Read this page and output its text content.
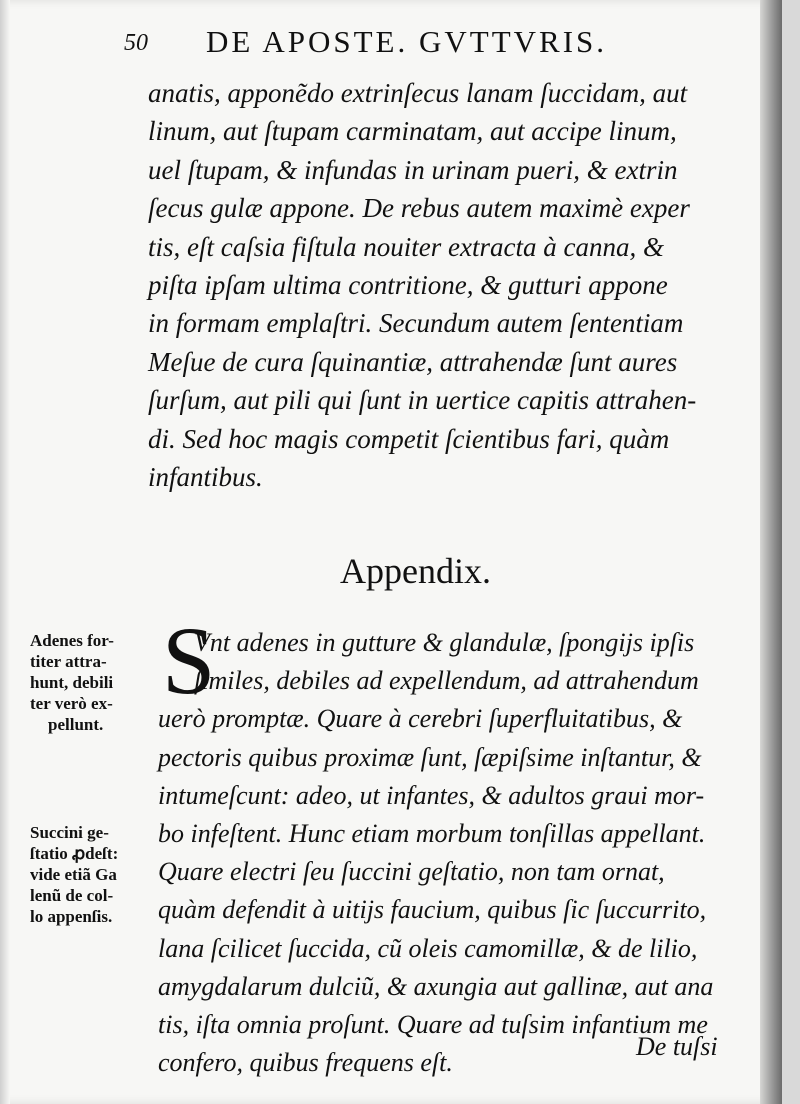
50 DE APOSTE. GVTTVRIS.

anatis, apponẽdo extrinſecus lanam ſuccidam, aut

linum, aut ſtupam carminatam, aut accipe linum,

uel ſtupam, & infundas in urinam pueri, & extrin

ſecus gulæ appone. De rebus autem maximè exper

tis, eſt caſsia fiſtula nouiter extracta à canna, &

piſta ipſam ultima contritione, & gutturi appone

in formam emplaſtri. Secundum autem ſententiam

Meſue de cura ſquinantiæ, attrahendæ ſunt aures

ſurſum, aut pili qui ſunt in uertice capitis attrahen-

di. Sed hoc magis competit ſcientibus fari, quàm

infantibus.

Appendix.
S

Vnt adenes in gutture & glandulæ, ſpongijs ipſis

ſimiles, debiles ad expellendum, ad attrahendum

uerò promptæ. Quare à cerebri ſuperfluitatibus, &

pectoris quibus proximæ ſunt, ſæpiſsime inſtantur, &

intumeſcunt: adeo, ut infantes, & adultos graui mor-

bo infeſtent. Hunc etiam morbum tonſillas appellant.

Quare electri ſeu ſuccini geſtatio, non tam ornat,

quàm defendit à uitijs faucium, quibus ſic ſuccurrito,

lana ſcilicet ſuccida, cũ oleis camomillæ, & de lilio,

amygdalarum dulciũ, & axungia aut gallinæ, aut ana

tis, iſta omnia proſunt. Quare ad tuſsim infantium me

confero, quibus frequens eſt.

Adenes for-
titer attra-
hunt, debili
ter verò ex-
pellunt.
Succini ge-
ſtatio ꝓdeſt:
vide etiã Ga
lenũ de col-
lo appenſis.
De tuſsi
